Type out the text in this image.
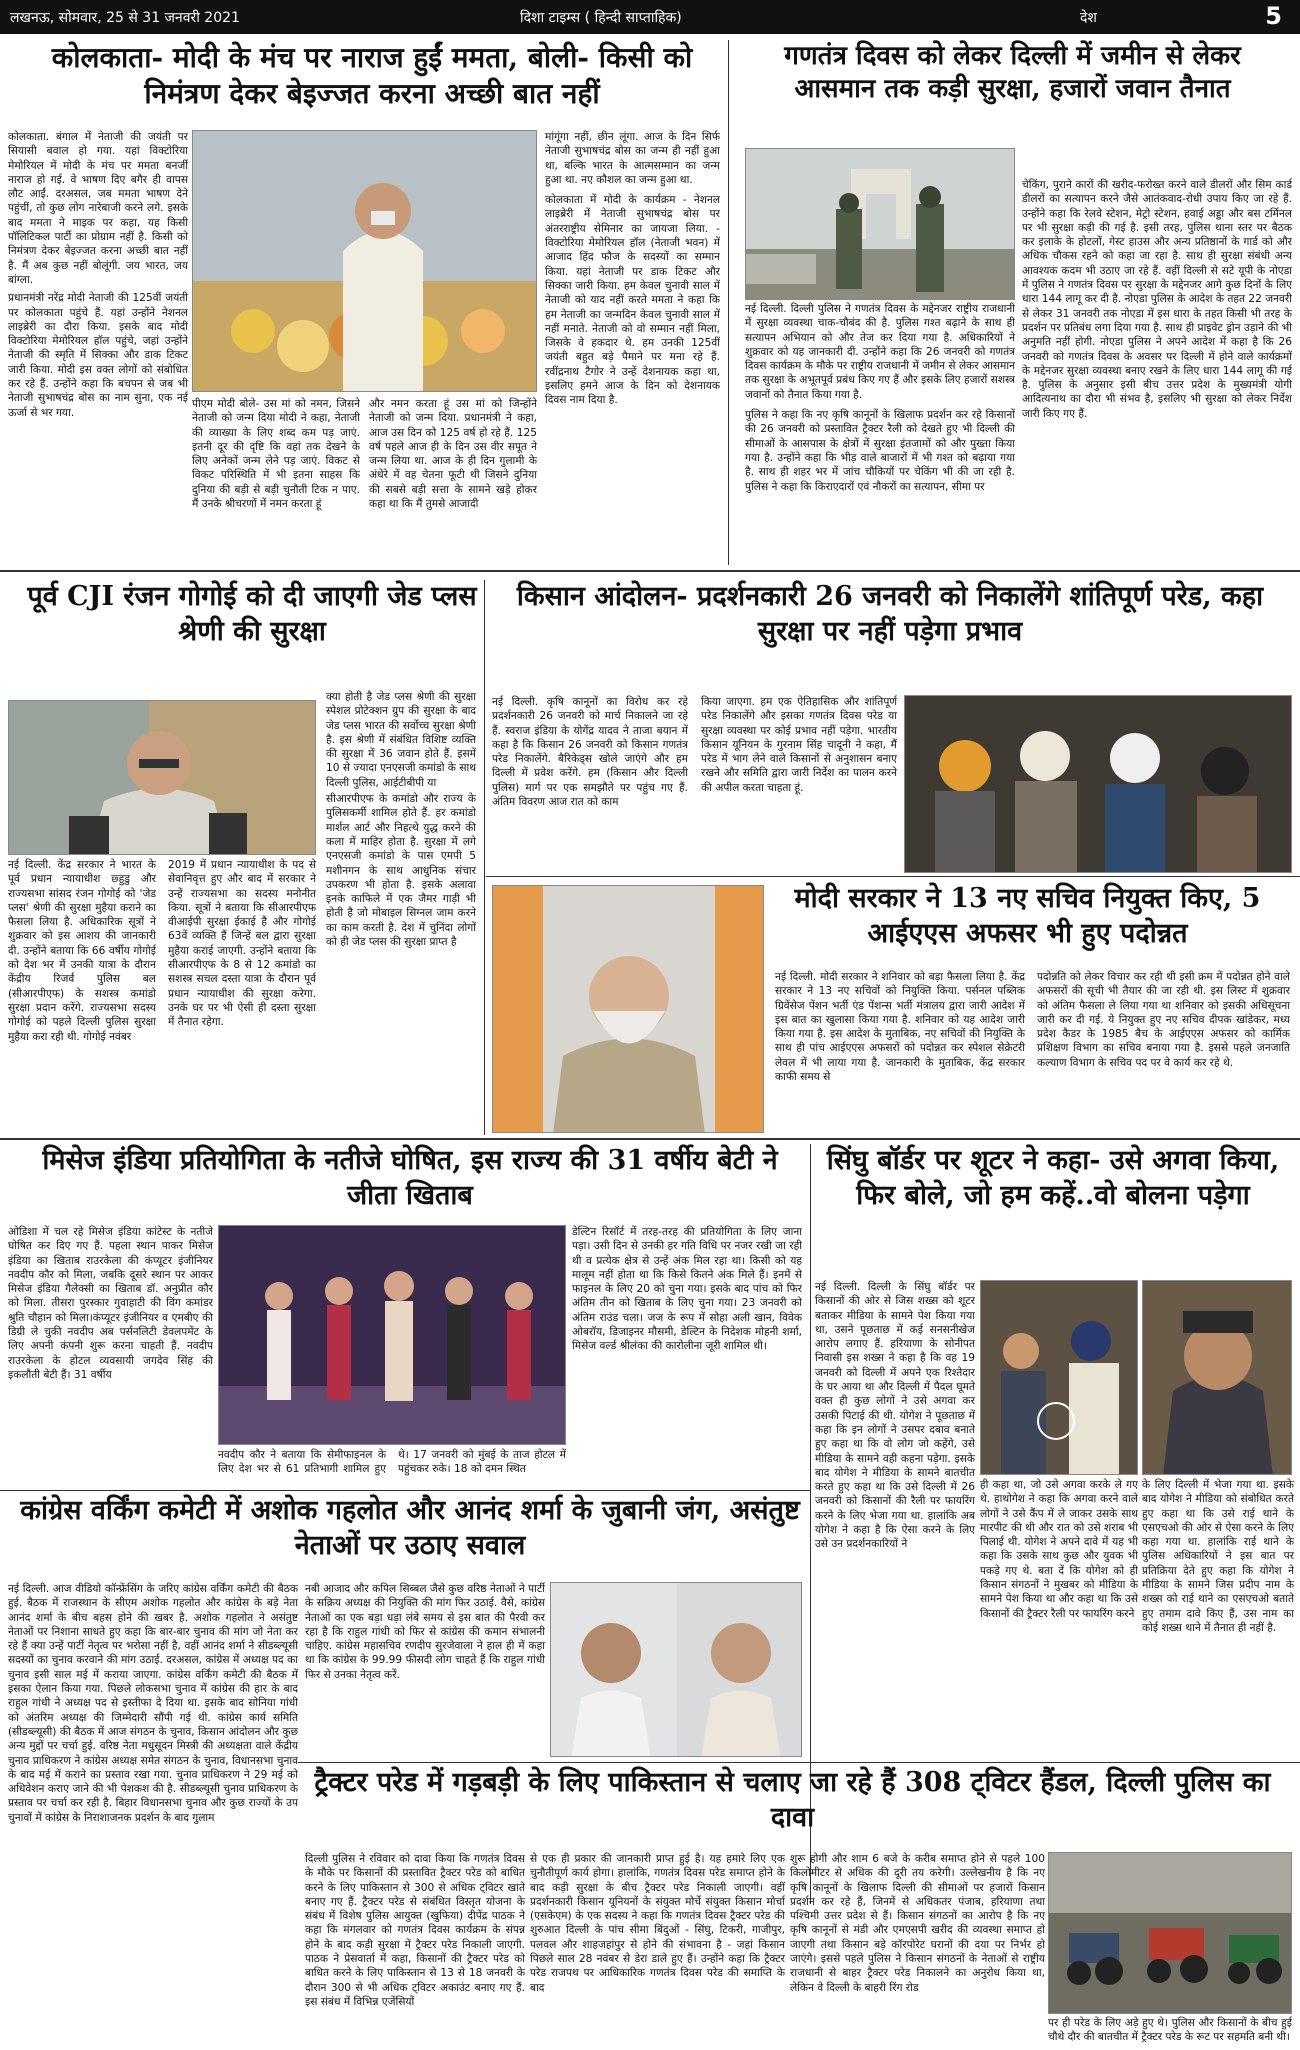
लखनऊ, सोमवार, 25 से 31 जनवरी 2021	दिशा टाइम्स ( हिन्दी साप्ताहिक)	देश	5
कोलकाता- मोदी के मंच पर नाराज हुईं ममता, बोली- किसी को निमंत्रण देकर बेइज्जत करना अच्छी बात नहीं

कोलकाता. बंगाल में नेताजी की जयंती पर सियासी बवाल हो गया. यहां विक्टोरिया मेमोरियल में मोदी के मंच पर ममता बनर्जी नाराज हो गई. वे भाषण दिए बगैर ही वापस लौट आईं. दरअसल, जब ममता भाषण देने पहुंचीं, तो कुछ लोग नारेबाजी करने लगे. इसके बाद ममता ने माइक पर कहा, यह किसी पॉलिटिकल पार्टी का प्रोग्राम नहीं है. किसी को निमंत्रण देकर बेइज्जत करना अच्छी बात नहीं है. मैं अब कुछ नहीं बोलूंगी. जय भारत, जय बांग्ला.

प्रधानमंत्री नरेंद्र मोदी नेताजी की 125वीं जयंती पर कोलकाता पहुंचे हैं. यहां उन्होंने नेशनल लाइब्रेरी का दौरा किया. इसके बाद मोदी विक्टोरिया मेमोरियल हॉल पहुंचे, जहां उन्होंने नेताजी की स्मृति में सिक्का और डाक टिकट जारी किया. मोदी इस वक्त लोगों को संबोधित कर रहे हैं. उन्होंने कहा कि बचपन से जब भी नेताजी सुभाषचंद्र बोस का नाम सुना, एक नई ऊर्जा से भर गया.

पीएम मोदी बोले- उस मां को नमन, जिसने नेताजी को जन्म दिया मोदी ने कहा, नेताजी की व्याख्या के लिए शब्द कम पड़ जाएं. इतनी दूर की दृष्टि कि वहां तक देखने के लिए अनेकों जन्म लेने पड़ जाएं. विकट से विकट परिस्थिति में भी इतना साहस कि दुनिया की बड़ी से बड़ी चुनौती टिक न पाए. मैं उनके श्रीचरणों में नमन करता हूं

और नमन करता हूं उस मां को जिन्होंने नेताजी को जन्म दिया. प्रधानमंत्री ने कहा, आज उस दिन को 125 वर्ष हो रहे हैं. 125 वर्ष पहले आज ही के दिन उस वीर सपूत ने जन्म लिया था. आज के ही दिन गुलामी के अंधेरे में वह चेतना फूटी थी जिसने दुनिया की सबसे बड़ी सत्ता के सामने खड़े होकर कहा था कि मैं तुमसे आजादी

मांगूंगा नहीं, छीन लूंगा. आज के दिन सिर्फ नेताजी सुभाषचंद्र बोस का जन्म ही नहीं हुआ था, बल्कि भारत के आत्मसम्मान का जन्म हुआ था. नए कौशल का जन्म हुआ था.

कोलकाता में मोदी के कार्यक्रम - नेशनल लाइब्रेरी में नेताजी सुभाषचंद्र बोस पर अंतरराष्ट्रीय सेमिनार का जायजा लिया. - विक्टोरिया मेमोरियल हॉल (नेताजी भवन) में आजाद हिंद फौज के सदस्यों का सम्मान किया. यहां नेताजी पर डाक टिकट और सिक्का जारी किया. हम केवल चुनावी साल में नेताजी को याद नहीं करते ममता ने कहा कि हम नेताजी का जन्मदिन केवल चुनावी साल में नहीं मनाते. नेताजी को वो सम्मान नहीं मिला, जिसके वे हकदार थे. हम उनकी 125वीं जयंती बहुत बड़े पैमाने पर मना रहे हैं. रवींद्रनाथ टैगोर ने उन्हें देशनायक कहा था, इसलिए हमने आज के दिन को देशनायक दिवस नाम दिया है.

गणतंत्र दिवस को लेकर दिल्ली में जमीन से लेकर आसमान तक कड़ी सुरक्षा, हजारों जवान तैनात

नई दिल्ली. दिल्ली पुलिस ने गणतंत्र दिवस के मद्देनजर राष्ट्रीय राजधानी में सुरक्षा व्यवस्था चाक-चौबंद की है. पुलिस गश्त बढ़ाने के साथ ही सत्यापन अभियान को और तेज कर दिया गया है. अधिकारियों ने शुक्रवार को यह जानकारी दी. उन्होंने कहा कि 26 जनवरी को गणतंत्र दिवस कार्यक्रम के मौके पर राष्ट्रीय राजधानी में जमीन से लेकर आसमान तक सुरक्षा के अभूतपूर्व प्रबंध किए गए हैं और इसके लिए हजारों सशस्त्र जवानों को तैनात किया गया है.

पुलिस ने कहा कि नए कृषि कानूनों के खिलाफ प्रदर्शन कर रहे किसानों की 26 जनवरी को प्रस्तावित ट्रैक्टर रैली को देखते हुए भी दिल्ली की सीमाओं के आसपास के क्षेत्रों में सुरक्षा इंतजामों को और पुख्ता किया गया है. उन्होंने कहा कि भीड़ वाले बाजारों में भी गश्त को बढ़ाया गया है. साथ ही शहर भर में जांच चौकियों पर चेकिंग भी की जा रही है. पुलिस ने कहा कि किराएदारों एवं नौकरों का सत्यापन, सीमा पर

चेकिंग, पुराने कारों की खरीद-फरोख्त करने वाले डीलरों और सिम कार्ड डीलरों का सत्यापन करने जैसे आतंकवाद-रोधी उपाय किए जा रहे हैं. उन्होंने कहा कि रेलवे स्टेशन, मेट्रो स्टेशन, हवाई अड्डा और बस टर्मिनल पर भी सुरक्षा कड़ी की गई है. इसी तरह, पुलिस थाना स्तर पर बैठक कर इलाके के होटलों, गेस्ट हाउस और अन्य प्रतिष्ठानों के गार्ड को और अधिक चौकस रहने को कहा जा रहा है. साथ ही सुरक्षा संबंधी अन्य आवश्यक कदम भी उठाए जा रहे हैं. वहीं दिल्ली से सटे यूपी के नोएडा में पुलिस ने गणतंत्र दिवस पर सुरक्षा के मद्देनजर आगे कुछ दिनों के लिए धारा 144 लागू कर दी है. नोएडा पुलिस के आदेश के तहत 22 जनवरी से लेकर 31 जनवरी तक नोएडा में इस धारा के तहत किसी भी तरह के प्रदर्शन पर प्रतिबंध लगा दिया गया है. साथ ही प्राइवेट ड्रोन उड़ाने की भी अनुमति नहीं होगी. नोएडा पुलिस ने अपने आदेश में कहा है कि 26 जनवरी को गणतंत्र दिवस के अवसर पर दिल्ली में होने वाले कार्यक्रमों के मद्देनजर सुरक्षा व्यवस्था बनाए रखने के लिए धारा 144 लागू की गई है. पुलिस के अनुसार इसी बीच उत्तर प्रदेश के मुख्यमंत्री योगी आदित्यनाथ का दौरा भी संभव है, इसलिए भी सुरक्षा को लेकर निर्देश जारी किए गए हैं.

पूर्व CJI रंजन गोगोई को दी जाएगी जेड प्लस श्रेणी की सुरक्षा

नई दिल्ली. केंद्र सरकार ने भारत के पूर्व प्रधान न्यायाधीश छ्हुडु और राज्यसभा सांसद रंजन गोगोई को 'जेड प्लस' श्रेणी की सुरक्षा मुहैया कराने का फैसला लिया है. अधिकारिक सूत्रों ने शुक्रवार को इस आशय की जानकारी दी. उन्होंने बताया कि 66 वर्षीय गोगोई को देश भर में उनकी यात्रा के दौरान केंद्रीय रिजर्व पुलिस बल (सीआरपीएफ) के सशस्त्र कमांडो सुरक्षा प्रदान करेंगे. राज्यसभा सदस्य गोगोई को पहले दिल्ली पुलिस सुरक्षा मुहैया करा रही थी. गोगोई नवंबर

2019 में प्रधान न्यायाधीश के पद से सेवानिवृत्त हुए और बाद में सरकार ने उन्हें राज्यसभा का सदस्य मनोनीत किया. सूत्रों ने बताया कि सीआरपीएफ वीआईपी सुरक्षा ईकाई है और गोगोई 63वें व्यक्ति हैं जिन्हें बल द्वारा सुरक्षा मुहैया कराई जाएगी. उन्होंने बताया कि सीआरपीएफ के 8 से 12 कमांडो का सशस्त्र सचल दस्ता यात्रा के दौरान पूर्व प्रधान न्यायाधीश की सुरक्षा करेगा. उनके घर पर भी ऐसी ही दस्ता सुरक्षा में तैनात रहेगा.

क्या होती है जेड प्लस श्रेणी की सुरक्षा स्पेशल प्रोटेक्शन ग्रुप की सुरक्षा के बाद जेड प्लस भारत की सर्वोच्च सुरक्षा श्रेणी है. इस श्रेणी में संबंधित विशिष्ट व्यक्ति की सुरक्षा में 36 जवान होते हैं. इसमें 10 से ज्यादा एनएसजी कमांडो के साथ दिल्ली पुलिस, आईटीबीपी या

सीआरपीएफ के कमांडो और राज्य के पुलिसकर्मी शामिल होते हैं. हर कमांडो मार्शल आर्ट और निहत्थे युद्ध करने की कला में माहिर होता है. सुरक्षा में लगे एनएसजी कमांडो के पास एमपी 5 मशीनगन के साथ आधुनिक संचार उपकरण भी होता है. इसके अलावा इनके काफिले में एक जैमर गाड़ी भी होती है जो मोबाइल सिग्नल जाम करने का काम करती है. देश में चुनिंदा लोगों को ही जेड प्लस की सुरक्षा प्राप्त है

किसान आंदोलन- प्रदर्शनकारी 26 जनवरी को निकालेंगे शांतिपूर्ण परेड, कहा सुरक्षा पर नहीं पड़ेगा प्रभाव

नई दिल्ली. कृषि कानूनों का विरोध कर रहे प्रदर्शनकारी 26 जनवरी को मार्च निकालने जा रहे हैं. स्वराज इंडिया के योगेंद्र यादव ने ताजा बयान में कहा है कि किसान 26 जनवरी को किसान गणतंत्र परेड निकालेंगे. बैरिकेड्स खोले जाएंगे और हम दिल्ली में प्रवेश करेंगे. हम (किसान और दिल्ली पुलिस) मार्ग पर एक समझौते पर पहुंच गए हैं. अंतिम विवरण आज रात को काम

किया जाएगा. हम एक ऐतिहासिक और शांतिपूर्ण परेड निकालेंगे और इसका गणतंत्र दिवस परेड या सुरक्षा व्यवस्था पर कोई प्रभाव नहीं पड़ेगा. भारतीय किसान यूनियन के गुरनाम सिंह चादूनी ने कहा, मैं परेड में भाग लेने वाले किसानों से अनुशासन बनाए रखने और समिति द्वारा जारी निर्देश का पालन करने की अपील करता चाहता हूं.

मोदी सरकार ने 13 नए सचिव नियुक्त किए, 5 आईएएस अफसर भी हुए पदोन्नत

नई दिल्ली. मोदी सरकार ने शनिवार को बड़ा फैसला लिया है. केंद्र सरकार ने 13 नए सचिवों को नियुक्ति किया. पर्सनल पब्लिक ग्रिवेंसेज पेंशन भर्ती एंड पेंशन्स भर्ती मंत्रालय द्वारा जारी आदेश में इस बात का खुलासा किया गया है. शनिवार को यह आदेश जारी किया गया है. इस आदेश के मुताबिक, नए सचिवों की नियुक्ति के साथ ही पांच आईएएस अफसरों को पदोन्नत कर स्पेशल सेक्रेटरी लेवल में भी लाया गया है. जानकारी के मुताबिक, केंद्र सरकार काफी समय से

पदोन्नति को लेकर विचार कर रही थी इसी क्रम में पदोन्नत होने वाले अफसरों की सूची भी तैयार की जा रही थी. इस लिस्ट में शुक्रवार को अंतिम फैसला ले लिया गया था शनिवार को इसकी अधिसूचना जारी कर दी गई. ये नियुक्त हुए नए सचिव दीपक खांडेकर, मध्य प्रदेश कैडर के 1985 बैच के आईएएस अफसर को कार्मिक प्रशिक्षण विभाग का सचिव बनाया गया है. इससे पहले जनजाति कल्याण विभाग के सचिव पद पर वे कार्य कर रहे थे.

मिसेज इंडिया प्रतियोगिता के नतीजे घोषित, इस राज्य की 31 वर्षीय बेटी ने जीता खिताब

ओडिशा में चल रहे मिसेज इंडिया कांटेस्ट के नतीजे घोषित कर दिए गए हैं. पहला स्थान पाकर मिसेज इंडिया का खिताब राउरकेला की कंप्यूटर इंजीनियर नवदीप कौर को मिला, जबकि दूसरे स्थान पर आकर मिसेज इंडिया गैलेक्सी का खिताब डॉ. अनुप्रीत कौर को मिला. तीसरा पुरस्कार गुवाहाटी की विंग कमांडर श्रुति चौहान को मिला।कंप्यूटर इंजीनियर व एमबीए की डिग्री ले चुकी नवदीप अब पर्सनलिटी डेवलपमेंट के लिए अपनी कंपनी शुरू करना चाहती हैं. नवदीप राउरकेला के होटल व्यवसायी जगदेव सिंह की इकलौती बेटी हैं। 31 वर्षीय

नवदीप कौर ने बताया कि सेमीफाइनल के लिए देश भर से 61 प्रतिभागी शामिल हुए थे। 17 जनवरी को मुंबई के ताज होटल में पहुंचकर रुके। 18 को दमन स्थित

डेल्टिन रिसॉर्ट में तरह-तरह की प्रतियोगिता के लिए जाना पड़ा। उसी दिन से उनकी हर गति विधि पर नजर रखी जा रही थी व प्रत्येक क्षेत्र से उन्हें अंक मिल रहा था। किसी को यह मालूम नहीं होता था कि किसे कितने अंक मिले हैं। इनमें से फाइनल के लिए 20 को चुना गया। इसके बाद पांच को फिर अंतिम तीन को खिताब के लिए चुना गया। 23 जनवरी को अंतिम राउंड चला। जज के रूप में सोहा अली खान, विवेक ओबरॉय, डिजाइनर मौसमी, डेल्टिन के निदेशक मोहनी शर्मा, मिसेज वर्ल्ड श्रीलंका की कारोलीना जूरी शामिल थी।

सिंघु बॉर्डर पर शूटर ने कहा- उसे अगवा किया, फिर बोले, जो हम कहें..वो बोलना पड़ेगा

नई दिल्ली. दिल्ली के सिंघु बॉर्डर पर किसानों की ओर से जिस शख्स को शूटर बताकर मीडिया के सामने पेश किया गया था, उसने पूछताछ में कई सनसनीखेज आरोप लगाए हैं. हरियाणा के सोनीपत निवासी इस शख्स ने कहा है कि वह 19 जनवरी को दिल्ली में अपने एक रिश्तेदार के घर आया था और दिल्ली में पैदल घूमते वक्त ही कुछ लोगों ने उसे अगवा कर उसकी पिटाई की थी. योगेश ने पूछताछ में कहा कि इन लोगों ने उसपर दबाव बनाते हुए कहा था कि वो लोग जो कहेंगे, उसे मीडिया के सामने वही कहना पड़ेगा. इसके बाद योगेश ने मीडिया के सामने बातचीत करते हुए कहा था कि उसे दिल्ली में 26 जनवरी को किसानों की रैली पर फायरिंग करने के लिए भेजा गया था. हालांकि अब योगेश ने कहा है कि ऐसा करने के लिए उसे उन प्रदर्शनकारियों ने

ही कहा था, जो उसे अगवा करके ले गए थे. हाथोगेश ने कहा कि अगवा करने वाले लोगों ने उसे कैंप में ले जाकर उसके साथ मारपीट की थी और रात को उसे शराब भी पिलाई थी. योगेश ने अपने दावे में यह भी कहा कि उसके साथ कुछ और युवक भी पकड़े गए थे. बता दें कि योगेश को ही किसान संगठनों ने मुखबर को मीडिया के सामने पेश किया था और कहा था कि उसे किसानों की ट्रैक्टर रैली पर फायरिंग करने

के लिए दिल्ली में भेजा गया था. इसके बाद योगेश ने मीडिया को संबोधित करते हुए कहा था कि उसे राई थाने के एसएचओ की ओर से ऐसा करने के लिए कहा गया था. हालांकि राई थाने के पुलिस अधिकारियों ने इस बात पर प्रतिक्रिया देते हुए कहा कि योगेश ने मीडिया के सामने जिस प्रदीप नाम के शख्स को राई थाने का एसएचओ बताते हुए तमाम दावे किए हैं, उस नाम का कोई शख्स थाने में तैनात ही नहीं है.

कांग्रेस वर्किंग कमेटी में अशोक गहलोत और आनंद शर्मा के जुबानी जंग, असंतुष्ट नेताओं पर उठाए सवाल

नई दिल्ली. आज वीडियो कॉन्फ्रेंसिंग के जरिए कांग्रेस वर्किंग कमेटी की बैठक हुई. बैठक में राजस्थान के सीएम अशोक गहलोत और कांग्रेस के बड़े नेता आनंद शर्मा के बीच बहस होने की खबर है. अशोक गहलोत ने असंतुष्ट नेताओं पर निशाना साधते हुए कहा कि बार-बार चुनाव की मांग जो नेता कर रहे हैं क्या उन्हें पार्टी नेतृत्व पर भरोसा नहीं है, वहीं आनंद शर्मा ने सीडब्ल्यूसी सदस्यों का चुनाव करवाने की मांग उठाई. दरअसल, कांग्रेस में अध्यक्ष पद का चुनाव इसी साल मई में कराया जाएगा. कांग्रेस वर्किंग कमेटी की बैठक में इसका ऐलान किया गया. पिछले लोकसभा चुनाव में कांग्रेस की हार के बाद राहुल गांधी ने अध्यक्ष पद से इस्तीफा दे दिया था. इसके बाद सोनिया गांधी को अंतरिम अध्यक्ष की जिम्मेदारी सौंपी गई थी. कांग्रेस कार्य समिति (सीडब्ल्यूसी) की बैठक में आज संगठन के चुनाव, किसान आंदोलन और कुछ अन्य मुद्दों पर चर्चा हुई. वरिष्ठ नेता मधुसूदन मिस्त्री की अध्यक्षता वाले केंद्रीय चुनाव प्राधिकरण ने कांग्रेस अध्यक्ष समेत संगठन के चुनाव, विधानसभा चुनाव के बाद मई में कराने का प्रस्ताव रखा गया. चुनाव प्राधिकरण ने 29 मई को अधिवेशन कराए जाने की भी पेशकश की है. सीडब्ल्यूसी चुनाव प्राधिकरण के प्रस्ताव पर चर्चा कर रही है. बिहार विधानसभा चुनाव और कुछ राज्यों के उप चुनावों में कांग्रेस के निराशाजनक प्रदर्शन के बाद गुलाम

नबी आजाद और कपिल सिब्बल जैसे कुछ वरिष्ठ नेताओं ने पार्टी के सक्रिय अध्यक्ष की नियुक्ति की मांग फिर उठाई. वैसे, कांग्रेस नेताओं का एक बड़ा धड़ा लंबे समय से इस बात की पैरवी कर रहा है कि राहुल गांधी को फिर से कांग्रेस की कमान संभालनी चाहिए. कांग्रेस महासचिव रणदीप सुरजेवाला ने हाल ही में कहा था कि कांग्रेस के 99.99 फीसदी लोग चाहते हैं कि राहुल गांधी फिर से उनका नेतृत्व करें.

ट्रैक्टर परेड में गड़बड़ी के लिए पाकिस्तान से चलाए जा रहे हैं 308 ट्विटर हैंडल, दिल्ली पुलिस का दावा

दिल्ली पुलिस ने रविवार को दावा किया कि गणतंत्र दिवस के मौके पर किसानों की प्रस्तावित ट्रैक्टर परेड को बाधित करने के लिए पाकिस्तान से 300 से अधिक ट्विटर खाते बनाए गए हैं. ट्रैक्टर परेड से संबंधित विस्तृत योजना के संबंध में विशेष पुलिस आयुक्त (खुफिया) दीपेंद्र पाठक ने कहा कि मंगलवार को गणतंत्र दिवस कार्यक्रम के संपन्न होने के बाद कड़ी सुरक्षा में ट्रैक्टर परेड निकाली जाएगी. पाठक ने प्रेसवार्ता में कहा, किसानों की ट्रैक्टर परेड को बाधित करने के लिए पाकिस्तान से 13 से 18 जनवरी के दौरान 300 से भी अधिक ट्विटर अकाउंट बनाए गए हैं. इस संबंध में विभिन्न एजेंसियों

से एक ही प्रकार की जानकारी प्राप्त हुई है। यह हमारे लिए एक चुनौतीपूर्ण कार्य होगा। हालांकि, गणतंत्र दिवस परेड समाप्त होने के बाद कड़ी सुरक्षा के बीच ट्रैक्टर परेड निकाली जाएगी। वहीं प्रदर्शनकारी किसान यूनियनों के संयुक्त मोर्चे संयुक्त किसान मोर्चा (एसकेएम) के एक सदस्य ने कहा कि गणतंत्र दिवस ट्रैक्टर परेड की शुरुआत दिल्ली के पांच सीमा बिंदुओं - सिंघु, टिकरी, गाजीपुर, पलवल और शाहजहांपुर से होने की संभावना है - जहां किसान पिछले साल 28 नवंबर से डेरा डाले हुए हैं। उन्होंने कहा कि ट्रैक्टर परेड राजपथ पर आधिकारिक गणतंत्र दिवस परेड की समाप्ति के बाद

शुरू होगी और शाम 6 बजे के करीब समाप्त होने से पहले 100 किलोमीटर से अधिक की दूरी तय करेगी। उल्लेखनीय है कि नए कृषि कानूनों के खिलाफ दिल्ली की सीमाओं पर हजारों किसान प्रदर्शन कर रहे हैं, जिनमें से अधिकतर पंजाब, हरियाणा तथा पश्चिमी उत्तर प्रदेश से हैं। किसान संगठनों का आरोप है कि नए कृषि कानूनों से मंडी और एमएसपी खरीद की व्यवस्था समाप्त हो जाएगी तथा किसान बड़े कॉरपोरेट घरानों की दया पर निर्भर हो जाएंगे। इससे पहले पुलिस ने किसान संगठनों के नेताओं से राष्ट्रीय राजधानी से बाहर ट्रैक्टर परेड निकालने का अनुरोध किया था, लेकिन वे दिल्ली के बाहरी रिंग रोड

पर ही परेड के लिए अड़े हुए थे। पुलिस और किसानों के बीच हुई चौथे दौर की बातचीत में ट्रैक्टर परेड के रूट पर सहमति बनी थी।
